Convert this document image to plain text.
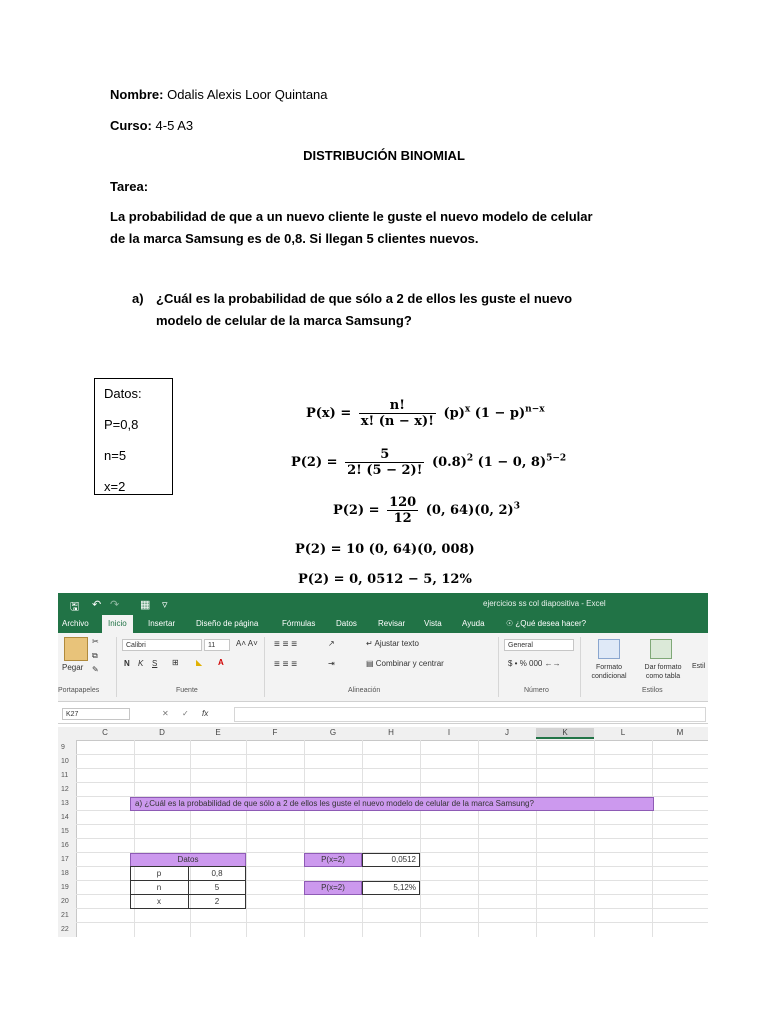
Nombre: Odalis Alexis Loor Quintana
Curso: 4-5 A3
DISTRIBUCIÓN BINOMIAL
Tarea:
La probabilidad de que a un nuevo cliente le guste el nuevo modelo de celular
de la marca Samsung es de 0,8. Si llegan 5 clientes nuevos.
a) ¿Cuál es la probabilidad de que sólo a 2 de ellos les guste el nuevo
modelo de celular de la marca Samsung?
Datos:
P=0,8
n=5
x=2
$P(x) = \frac{n!}{x! (n - x)!} (p)^x$ $(1 - p)^{n-x}$
$P(2) = \frac{5}{2! (5 - 2)!} (0.8)^2$ (1 − 0, 8)$^{5-2}$
$P(2) = \frac{120}{12} (0$, 64)(0, 2)$^3$
P(2) = 10 (0, 64)(0, 008)
P(2) = 0, 0512 − 5, 12%
🖫 ↶ ↷ ▦ ▿	ejercicios ss col diapositiva - Excel
Archivo	Inicio	Insertar	Diseño de página	Fórmulas	Datos	Revisar Vista	Ayuda	☉ ¿Qué desea hacer?
Pegar
✂
⧉
✎
Portapapeles
Calibri	11	A˄ A˅
N K S ⊞ ◣ A
Fuente
≡ ≡ ≡
≡ ≡ ≡
↗
⇥
↵ Ajustar texto
▤ Combinar y centrar
Alineación
General
$ • % 000 ←→
Número
Formato condicional
Dar formato como tabla
Estil
Estilos
K27	✕ ✓ fx
C	D	E	F	G	H	I	J	K	L	M
9
10
11
12
13
14
15
16
17
18
19
20
21
22
a) ¿Cuál es la probabilidad de que sólo a 2 de ellos les guste el nuevo modelo de celular de la marca Samsung?
Datos
p	0,8
n	5
x	2
P(x=2)	0,0512
P(x=2)	5,12%
